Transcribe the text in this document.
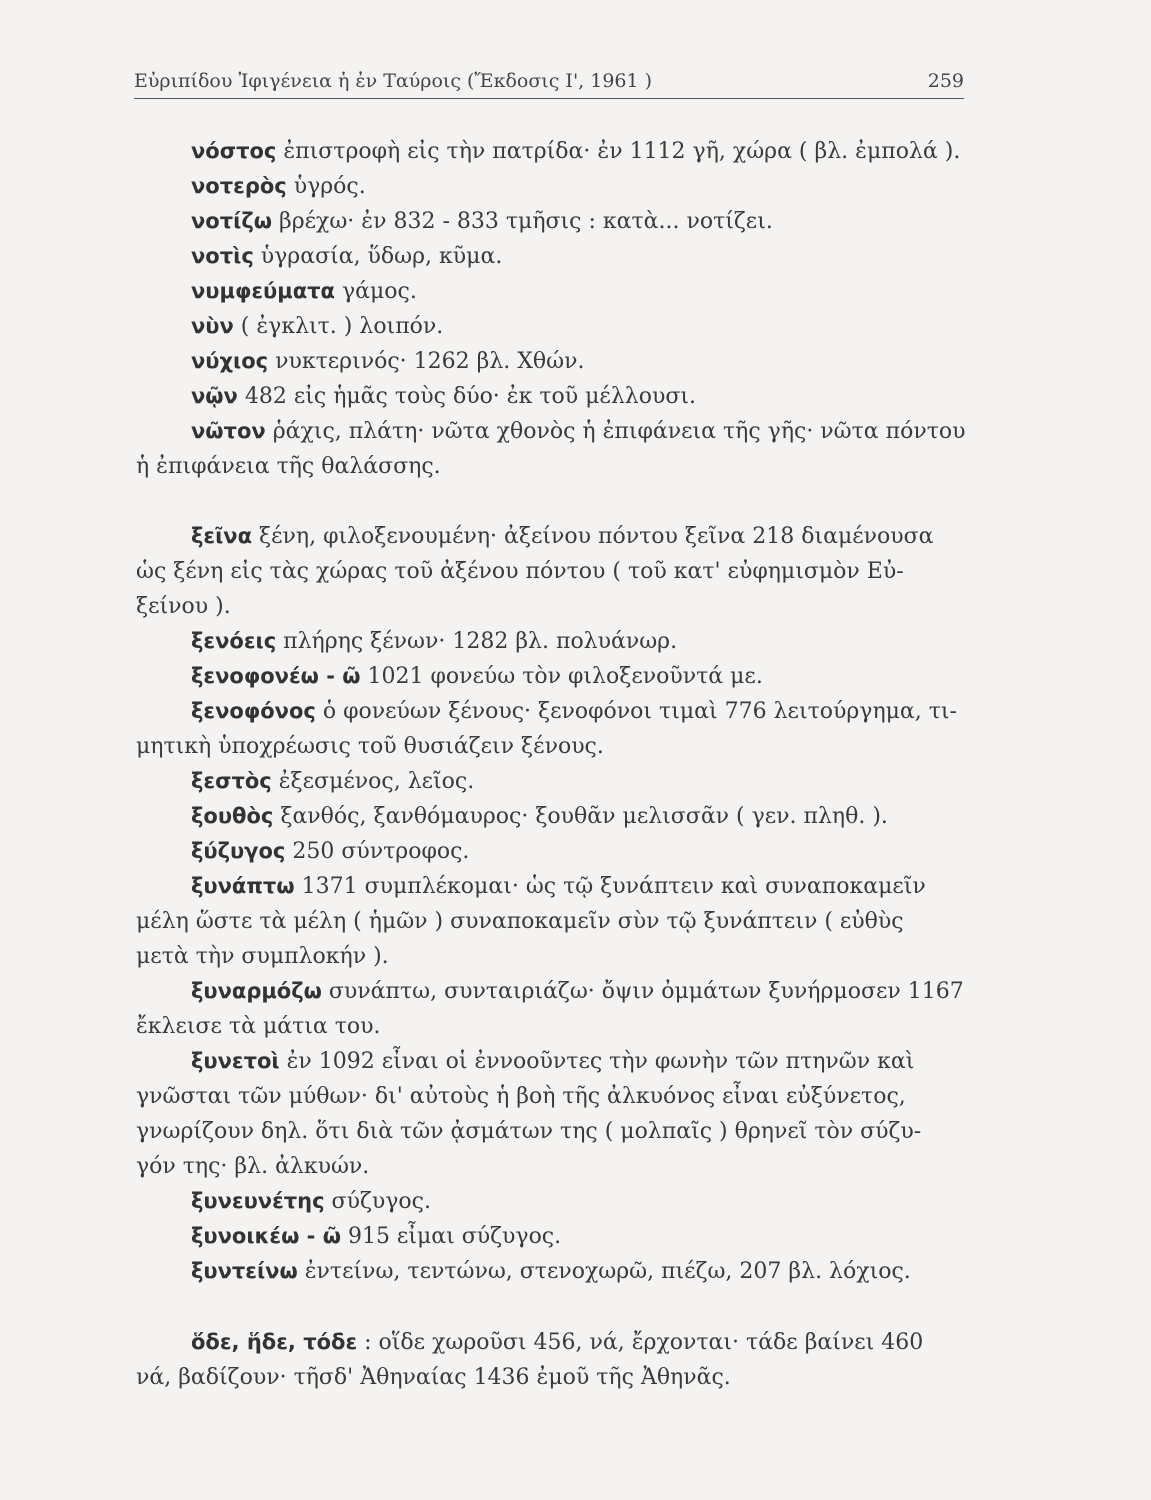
Εὐριπίδου Ἰφιγένεια ἡ ἐν Ταύροις (Ἔκδοσις Ι', 1961 )	259
νόστος ἐπιστροφὴ εἰς τὴν πατρίδα· ἐν 1112 γῆ, χώρα ( βλ. ἐμπολά ).
νοτερὸς ὑγρός.
νοτίζω βρέχω· ἐν 832 - 833 τμῆσις : κατὰ... νοτίζει.
νοτὶς ὑγρασία, ὕδωρ, κῦμα.
νυμφεύματα γάμος.
νὺν ( ἐγκλιτ. ) λοιπόν.
νύχιος νυκτερινός· 1262 βλ. Χθών.
νῷν 482 εἰς ἡμᾶς τοὺς δύο· ἐκ τοῦ μέλλουσι.
νῶτον ῥάχις, πλάτη· νῶτα χθονὸς ἡ ἐπιφάνεια τῆς γῆς· νῶτα πόντου
ἡ ἐπιφάνεια τῆς θαλάσσης.
ξεῖνα ξένη, φιλοξενουμένη· ἀξείνου πόντου ξεῖνα 218 διαμένουσα
ὡς ξένη εἰς τὰς χώρας τοῦ ἀξένου πόντου ( τοῦ κατ' εὐφημισμὸν Εὐ-
ξείνου ).
ξενόεις πλήρης ξένων· 1282 βλ. πολυάνωρ.
ξενοφονέω - ῶ 1021 φονεύω τὸν φιλοξενοῦντά με.
ξενοφόνος ὁ φονεύων ξένους· ξενοφόνοι τιμαὶ 776 λειτούργημα, τι-
μητικὴ ὑποχρέωσις τοῦ θυσιάζειν ξένους.
ξεστὸς ἐξεσμένος, λεῖος.
ξουθὸς ξανθός, ξανθόμαυρος· ξουθᾶν μελισσᾶν ( γεν. πληθ. ).
ξύζυγος 250 σύντροφος.
ξυνάπτω 1371 συμπλέκομαι· ὡς τῷ ξυνάπτειν καὶ συναποκαμεῖν
μέλη ὥστε τὰ μέλη ( ἡμῶν ) συναποκαμεῖν σὺν τῷ ξυνάπτειν ( εὐθὺς
μετὰ τὴν συμπλοκήν ).
ξυναρμόζω συνάπτω, συνταιριάζω· ὄψιν ὀμμάτων ξυνήρμοσεν 1167
ἔκλεισε τὰ μάτια του.
ξυνετοὶ ἐν 1092 εἶναι οἱ ἐννοοῦντες τὴν φωνὴν τῶν πτηνῶν καὶ
γνῶσται τῶν μύθων· δι' αὐτοὺς ἡ βοὴ τῆς ἀλκυόνος εἶναι εὐξύνετος,
γνωρίζουν δηλ. ὅτι διὰ τῶν ᾀσμάτων της ( μολπαῖς ) θρηνεῖ τὸν σύζυ-
γόν της· βλ. ἀλκυών.
ξυνευνέτης σύζυγος.
ξυνοικέω - ῶ 915 εἶμαι σύζυγος.
ξυντείνω ἐντείνω, τεντώνω, στενοχωρῶ, πιέζω, 207 βλ. λόχιος.
ὅδε, ἥδε, τόδε : οἵδε χωροῦσι 456, νά, ἔρχονται· τάδε βαίνει 460
νά, βαδίζουν· τῆσδ' Ἀθηναίας 1436 ἐμοῦ τῆς Ἀθηνᾶς.
